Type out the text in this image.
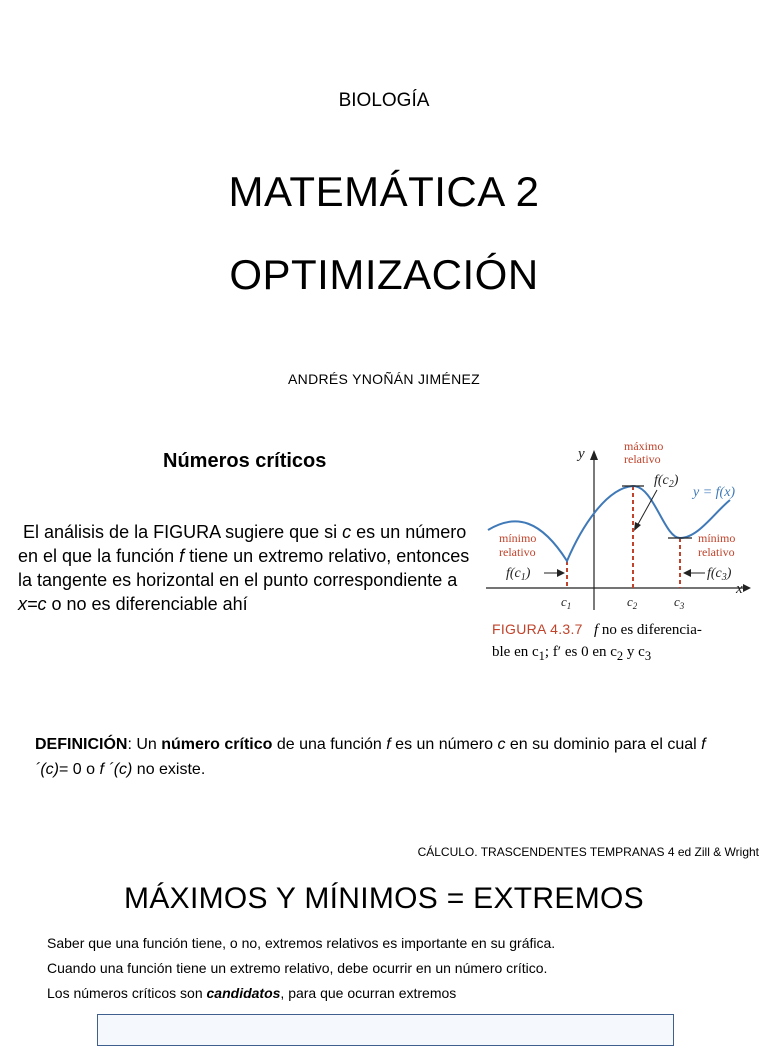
BIOLOGÍA
MATEMÁTICA 2
OPTIMIZACIÓN
ANDRÉS YNOÑÁN JIMÉNEZ
Números críticos
El análisis de la FIGURA sugiere que si c es un número en el que la función f tiene un extremo relativo, entonces la tangente es horizontal en el punto correspondiente a x=c o no es diferenciable ahí
y
x
máximo
relativo
mínimo
relativo
mínimo
relativo
y = f(x)
$f(c_2)$
$f(c_1)$	$f(c_3)$
$c_1$	$c_2$	$c_3$
FIGURA 4.3.7 f no es diferencia-
ble en $c_1$; f′ es 0 en $c_2$ y $c_3$
DEFINICIÓN: Un número crítico de una función f es un número c en su dominio para el cual f ´(c)= 0 o f ´(c) no existe.
CÁLCULO. TRASCENDENTES TEMPRANAS 4 ed Zill & Wright
MÁXIMOS Y MÍNIMOS = EXTREMOS
Saber que una función tiene, o no, extremos relativos es importante en su gráfica.
Cuando una función tiene un extremo relativo, debe ocurrir en un número crítico.
Los números críticos son candidatos, para que ocurran extremos
